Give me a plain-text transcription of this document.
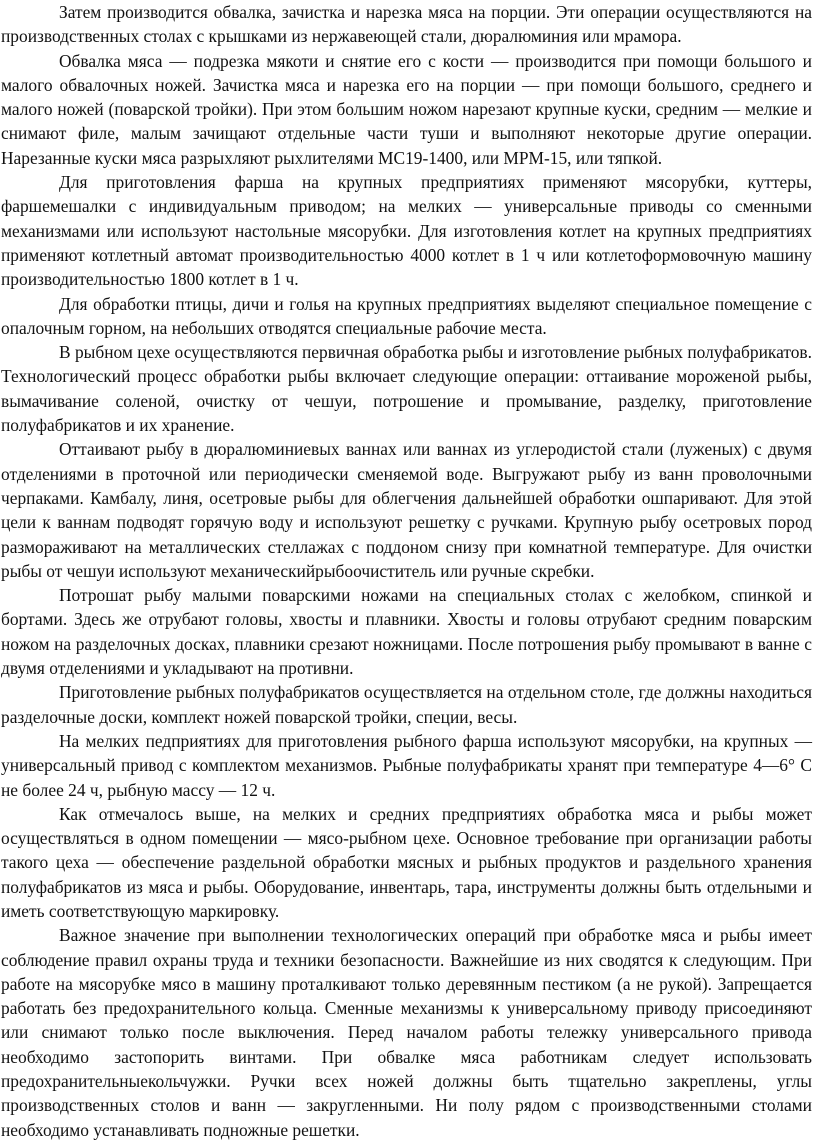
Затем производится обвалка, зачистка и нарезка мяса на порции. Эти операции осуществляются на производственных столах с крышками из нержавеющей стали, дюралюминия или мрамора.

Обвалка мяса — подрезка мякоти и снятие его с кости — производится при помощи большого и малого обвалочных ножей. Зачистка мяса и нарезка его на порции — при помощи большого, среднего и малого ножей (поварской тройки). При этом большим ножом нарезают крупные куски, средним — мелкие и снимают филе, малым зачищают отдельные части туши и выполняют некоторые другие операции. Нарезанные куски мяса разрыхляют рыхлителями МС19-1400, или МРМ-15, или тяпкой.

Для приготовления фарша на крупных предприятиях применяют мясорубки, куттеры, фаршемешалки с индивидуальным приводом; на мелких — универсальные приводы со сменными механизмами или используют настольные мясорубки. Для изготовления котлет на крупных предприятиях применяют котлетный автомат производительностью 4000 котлет в 1 ч или котлетоформовочную машину производительностью 1800 котлет в 1 ч.

Для обработки птицы, дичи и голья на крупных предприятиях выделяют специальное помещение с опалочным горном, на небольших отводятся специальные рабочие места.

В рыбном цехе осуществляются первичная обработка рыбы и изготовление рыбных полуфабрикатов. Технологический процесс обработки рыбы включает следующие операции: оттаивание мороженой рыбы, вымачивание соленой, очистку от чешуи, потрошение и промывание, разделку, приготовление полуфабрикатов и их хранение.

Оттаивают рыбу в дюралюминиевых ваннах или ваннах из углеродистой стали (луженых) с двумя отделениями в проточной или периодически сменяемой воде. Выгружают рыбу из ванн проволочными черпаками. Камбалу, линя, осетровые рыбы для облегчения дальнейшей обработки ошпаривают. Для этой цели к ваннам подводят горячую воду и используют решетку с ручками. Крупную рыбу осетровых пород размораживают на металлических стеллажах с поддоном снизу при комнатной температуре. Для очистки рыбы от чешуи используют механическийрыбоочиститель или ручные скребки.

Потрошат рыбу малыми поварскими ножами на специальных столах с желобком, спинкой и бортами. Здесь же отрубают головы, хвосты и плавники. Хвосты и головы отрубают средним поварским ножом на разделочных досках, плавники срезают ножницами. После потрошения рыбу промывают в ванне с двумя отделениями и укладывают на противни.

Приготовление рыбных полуфабрикатов осуществляется на отдельном столе, где должны находиться разделочные доски, комплект ножей поварской тройки, специи, весы.

На мелких педприятиях для приготовления рыбного фарша используют мясорубки, на крупных — универсальный привод с комплектом механизмов. Рыбные полуфабрикаты хранят при температуре 4—6° С не более 24 ч, рыбную массу — 12 ч.

Как отмечалось выше, на мелких и средних предприятиях обработка мяса и рыбы может осуществляться в одном помещении — мясо-рыбном цехе. Основное требование при организации работы такого цеха — обеспечение раздельной обработки мясных и рыбных продуктов и раздельного хранения полуфабрикатов из мяса и рыбы. Оборудование, инвентарь, тара, инструменты должны быть отдельными и иметь соответствующую маркировку.

Важное значение при выполнении технологических операций при обработке мяса и рыбы имеет соблюдение правил охраны труда и техники безопасности. Важнейшие из них сводятся к следующим. При работе на мясорубке мясо в машину проталкивают только деревянным пестиком (а не рукой). Запрещается работать без предохранительного кольца. Сменные механизмы к универсальному приводу присоединяют или снимают только после выключения. Перед началом работы тележку универсального привода необходимо застопорить винтами. При обвалке мяса работникам следует использовать предохранительныекольчужки. Ручки всех ножей должны быть тщательно закреплены, углы производственных столов и ванн — закругленными. Ни полу рядом с производственными столами необходимо устанавливать подножные решетки.
